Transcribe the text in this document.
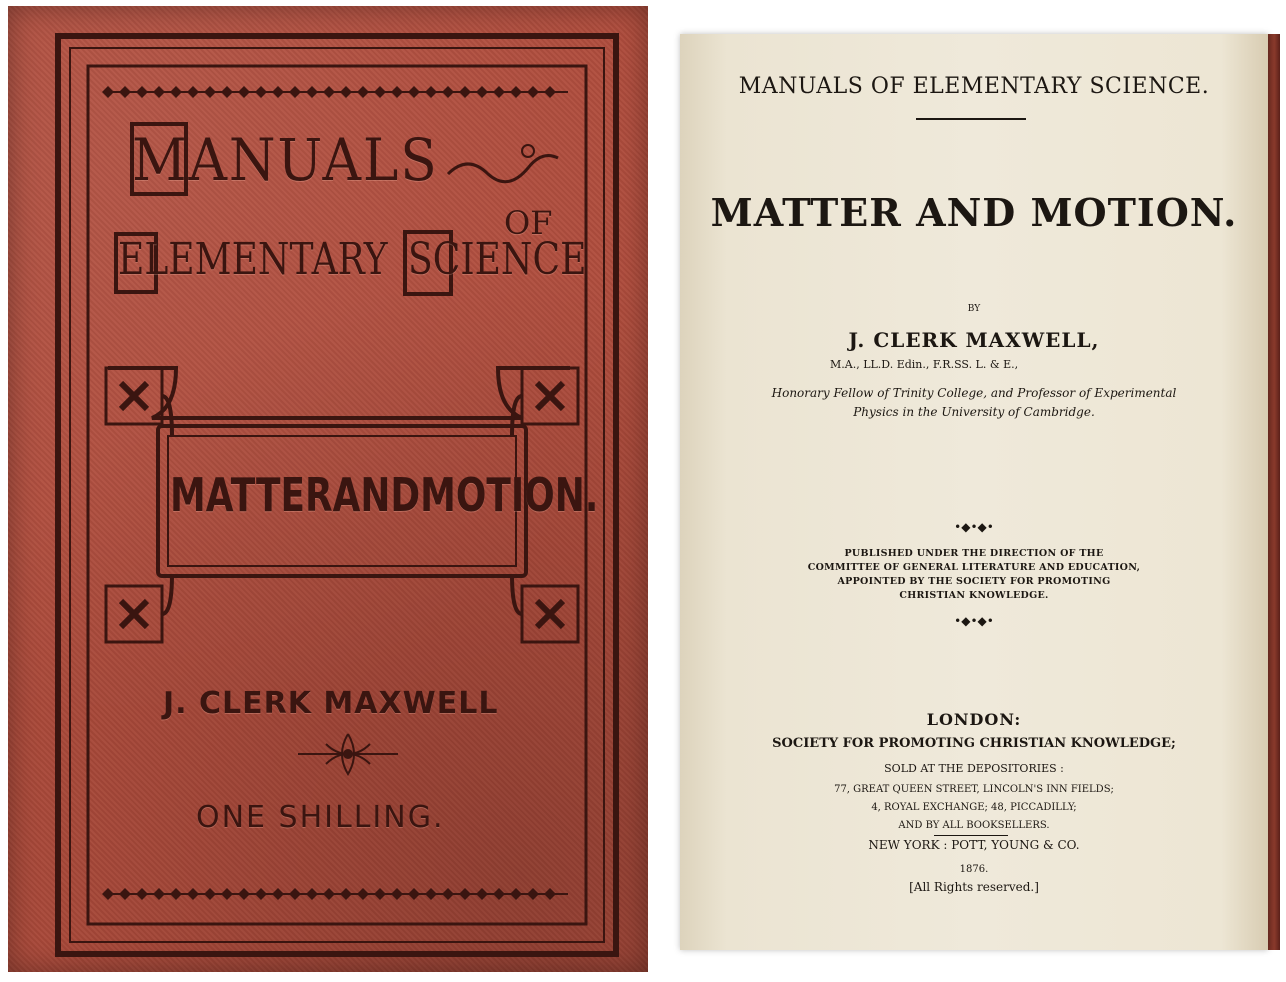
MANUALS
OF
ELEMENTARY SCIENCE
MATTERANDMOTION.
J. CLERK MAXWELL
ONE SHILLING.
MANUALS OF ELEMENTARY SCIENCE.
MATTER AND MOTION.
BY
J. CLERK MAXWELL,
M.A., LL.D. Edin., F.R.SS. L. & E.,
Honorary Fellow of Trinity College, and Professor of Experimental
Physics in the University of Cambridge.
•◆•◆•
PUBLISHED UNDER THE DIRECTION OF THE
COMMITTEE OF GENERAL LITERATURE AND EDUCATION,
APPOINTED BY THE SOCIETY FOR PROMOTING
CHRISTIAN KNOWLEDGE.
•◆•◆•
LONDON:
SOCIETY FOR PROMOTING CHRISTIAN KNOWLEDGE;
SOLD AT THE DEPOSITORIES :
77, GREAT QUEEN STREET, LINCOLN'S INN FIELDS;
4, ROYAL EXCHANGE; 48, PICCADILLY;
AND BY ALL BOOKSELLERS.
NEW YORK : POTT, YOUNG & CO.
1876.
[All Rights reserved.]
